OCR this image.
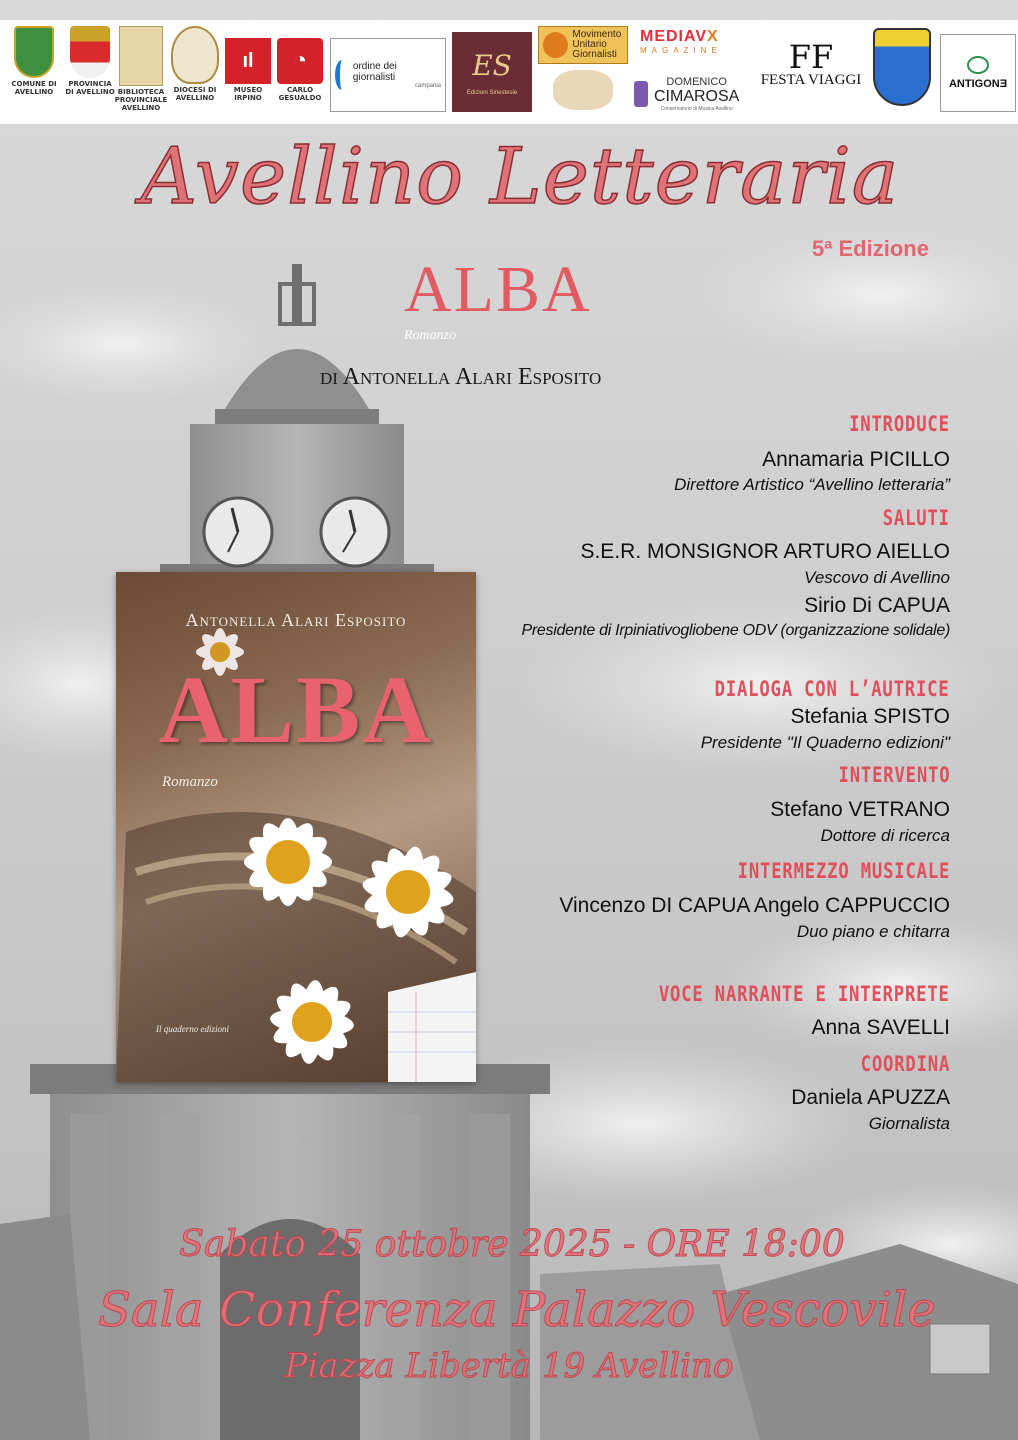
COMUNE DI
AVELLINO
PROVINCIA
DI AVELLINO BIBLIOTECA
PROVINCIALE
AVELLINO
DIOCESI DI
AVELLINO
ıl
MUSEO
IRPINO
◔
CARLO
GESUALDO
ordine dei giornalisti
campania
ES
Edizioni Sinestesie
Movimento Unitario Giornalisti
MEDIAVX
MAGAZINE
DOMENICO
CIMAROSA
Conservatorio di Musica Avellino
FF
FESTA VIAGGI	ANTIGONƎ
Avellino Letteraria
5ª Edizione
ALBA
Romanzo
di Antonella Alari Esposito
Antonella Alari Esposito
ALBA
Romanzo
Il quaderno edizioni
INTRODUCE
Annamaria PICILLO
Direttore Artistico “Avellino letteraria”
SALUTI
S.E.R. MONSIGNOR ARTURO AIELLO
Vescovo di Avellino
Sirio Di CAPUA
Presidente di Irpiniativogliobene ODV (organizzazione solidale)
DIALOGA CON L’AUTRICE
Stefania SPISTO
Presidente "Il Quaderno edizioni"
INTERVENTO
Stefano VETRANO
Dottore di ricerca
INTERMEZZO MUSICALE
Vincenzo DI CAPUA Angelo CAPPUCCIO
Duo piano e chitarra
VOCE NARRANTE E INTERPRETE
Anna SAVELLI
COORDINA
Daniela APUZZA
Giornalista
Sabato 25 ottobre 2025 - ORE 18:00
Sala Conferenza Palazzo Vescovile
Piazza Libertà 19 Avellino
